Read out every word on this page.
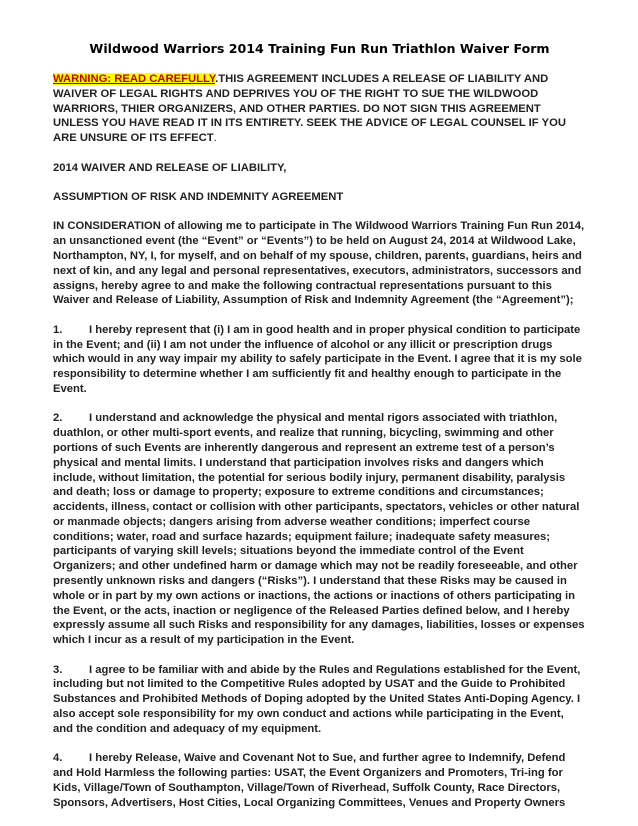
Wildwood Warriors 2014 Training Fun Run Triathlon Waiver Form
WARNING: READ CAREFULLY.THIS AGREEMENT INCLUDES A RELEASE OF LIABILITY AND WAIVER OF LEGAL RIGHTS AND DEPRIVES YOU OF THE RIGHT TO SUE THE WILDWOOD WARRIORS, THIER ORGANIZERS, AND OTHER PARTIES. DO NOT SIGN THIS AGREEMENT UNLESS YOU HAVE READ IT IN ITS ENTIRETY. SEEK THE ADVICE OF LEGAL COUNSEL IF YOU ARE UNSURE OF ITS EFFECT.
2014 WAIVER AND RELEASE OF LIABILITY,
ASSUMPTION OF RISK AND INDEMNITY AGREEMENT
IN CONSIDERATION of allowing me to participate in The Wildwood Warriors Training Fun Run 2014, an unsanctioned event (the “Event” or “Events”) to be held on August 24, 2014 at Wildwood Lake, Northampton, NY, I, for myself, and on behalf of my spouse, children, parents, guardians, heirs and next of kin, and any legal and personal representatives, executors, administrators, successors and assigns, hereby agree to and make the following contractual representations pursuant to this Waiver and Release of Liability, Assumption of Risk and Indemnity Agreement (the “Agreement”);
1. I hereby represent that (i) I am in good health and in proper physical condition to participate in the Event; and (ii) I am not under the influence of alcohol or any illicit or prescription drugs which would in any way impair my ability to safely participate in the Event. I agree that it is my sole responsibility to determine whether I am sufficiently fit and healthy enough to participate in the Event.
2. I understand and acknowledge the physical and mental rigors associated with triathlon, duathlon, or other multi-sport events, and realize that running, bicycling, swimming and other portions of such Events are inherently dangerous and represent an extreme test of a person’s physical and mental limits. I understand that participation involves risks and dangers which include, without limitation, the potential for serious bodily injury, permanent disability, paralysis and death; loss or damage to property; exposure to extreme conditions and circumstances; accidents, illness, contact or collision with other participants, spectators, vehicles or other natural or manmade objects; dangers arising from adverse weather conditions; imperfect course conditions; water, road and surface hazards; equipment failure; inadequate safety measures; participants of varying skill levels; situations beyond the immediate control of the Event Organizers; and other undefined harm or damage which may not be readily foreseeable, and other presently unknown risks and dangers (“Risks”). I understand that these Risks may be caused in whole or in part by my own actions or inactions, the actions or inactions of others participating in the Event, or the acts, inaction or negligence of the Released Parties defined below, and I hereby expressly assume all such Risks and responsibility for any damages, liabilities, losses or expenses which I incur as a result of my participation in the Event.
3. I agree to be familiar with and abide by the Rules and Regulations established for the Event, including but not limited to the Competitive Rules adopted by USAT and the Guide to Prohibited Substances and Prohibited Methods of Doping adopted by the United States Anti-Doping Agency. I also accept sole responsibility for my own conduct and actions while participating in the Event, and the condition and adequacy of my equipment.
4. I hereby Release, Waive and Covenant Not to Sue, and further agree to Indemnify, Defend and Hold Harmless the following parties: USAT, the Event Organizers and Promoters, Tri-ing for Kids, Village/Town of Southampton, Village/Town of Riverhead, Suffolk County, Race Directors, Sponsors, Advertisers, Host Cities, Local Organizing Committees, Venues and Property Owners
